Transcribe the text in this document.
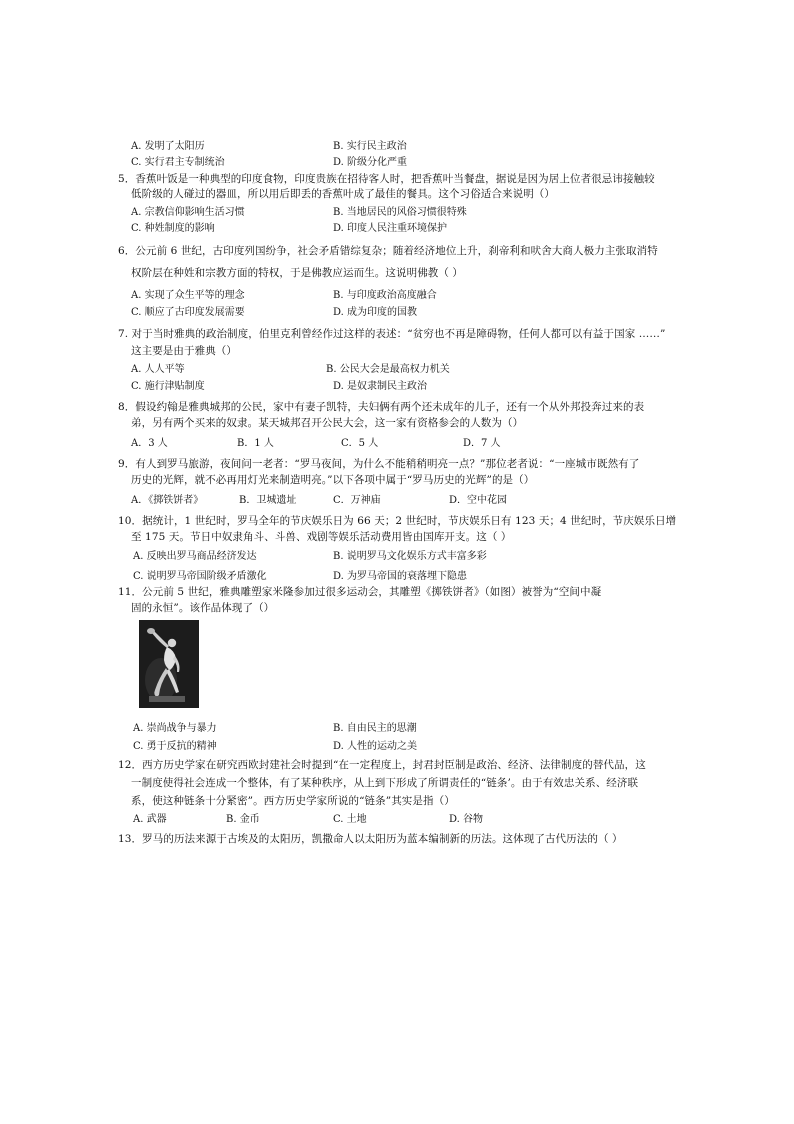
A. 发明了太阳历	B. 实行民主政治
C. 实行君主专制统治	D. 阶级分化严重
5．香蕉叶饭是一种典型的印度食物，印度贵族在招待客人时，把香蕉叶当餐盘，据说是因为居上位者很忌讳接触较
低阶级的人碰过的器皿，所以用后即丢的香蕉叶成了最佳的餐具。这个习俗适合来说明（）
A. 宗教信仰影响生活习惯	B. 当地居民的风俗习惯很特殊
C. 种姓制度的影响	D. 印度人民注重环境保护
6．公元前 6 世纪，古印度列国纷争，社会矛盾错综复杂；随着经济地位上升，刹帝利和吠舍大商人极力主张取消特
权阶层在种姓和宗教方面的特权，于是佛教应运而生。这说明佛教（ ）
A. 实现了众生平等的理念	B. 与印度政治高度融合
C. 顺应了古印度发展需要	D. 成为印度的国教
7. 对于当时雅典的政治制度，伯里克利曾经作过这样的表述：“贫穷也不再是障碍物，任何人都可以有益于国家 ……”
这主要是由于雅典（）
A. 人人平等	B. 公民大会是最高权力机关
C. 施行津贴制度	D. 是奴隶制民主政治
8．假设约翰是雅典城邦的公民，家中有妻子凯特，夫妇俩有两个还未成年的儿子，还有一个从外邦投奔过来的表
弟，另有两个买来的奴隶。某天城邦召开公民大会，这一家有资格参会的人数为（）
A．3 人	B．1 人	C．5 人	D．7 人
9．有人到罗马旅游，夜间问一老者：“罗马夜间，为什么不能稍稍明亮一点？”那位老者说：“一座城市既然有了
历史的光辉，就不必再用灯光来制造明亮。”以下各项中属于“罗马历史的光辉”的是（）
A．《掷铁饼者》	B．卫城遗址	C．万神庙	D．空中花园
10．据统计，1 世纪时，罗马全年的节庆娱乐日为 66 天；2 世纪时，节庆娱乐日有 123 天；4 世纪时，节庆娱乐日增
至 175 天。节日中奴隶角斗、斗兽、戏剧等娱乐活动费用皆由国库开支。这（ ）
A. 反映出罗马商品经济发达	B. 说明罗马文化娱乐方式丰富多彩
C. 说明罗马帝国阶级矛盾激化	D. 为罗马帝国的衰落埋下隐患
11．公元前 5 世纪，雅典雕塑家米隆参加过很多运动会，其雕塑《掷铁饼者》（如图）被誉为“空间中凝
固的永恒”。该作品体现了（）
A. 崇尚战争与暴力	B. 自由民主的思潮
C. 勇于反抗的精神	D. 人性的运动之美
12．西方历史学家在研究西欧封建社会时提到“在一定程度上，封君封臣制是政治、经济、法律制度的替代品，这
一制度使得社会连成一个整体，有了某种秩序，从上到下形成了所谓责任的“链条’。由于有效忠关系、经济联
系，使这种链条十分紧密”。西方历史学家所说的“链条”其实是指（）
A. 武器	B. 金币	C. 土地	D. 谷物
13．罗马的历法来源于古埃及的太阳历，凯撒命人以太阳历为蓝本编制新的历法。这体现了古代历法的（ ）
